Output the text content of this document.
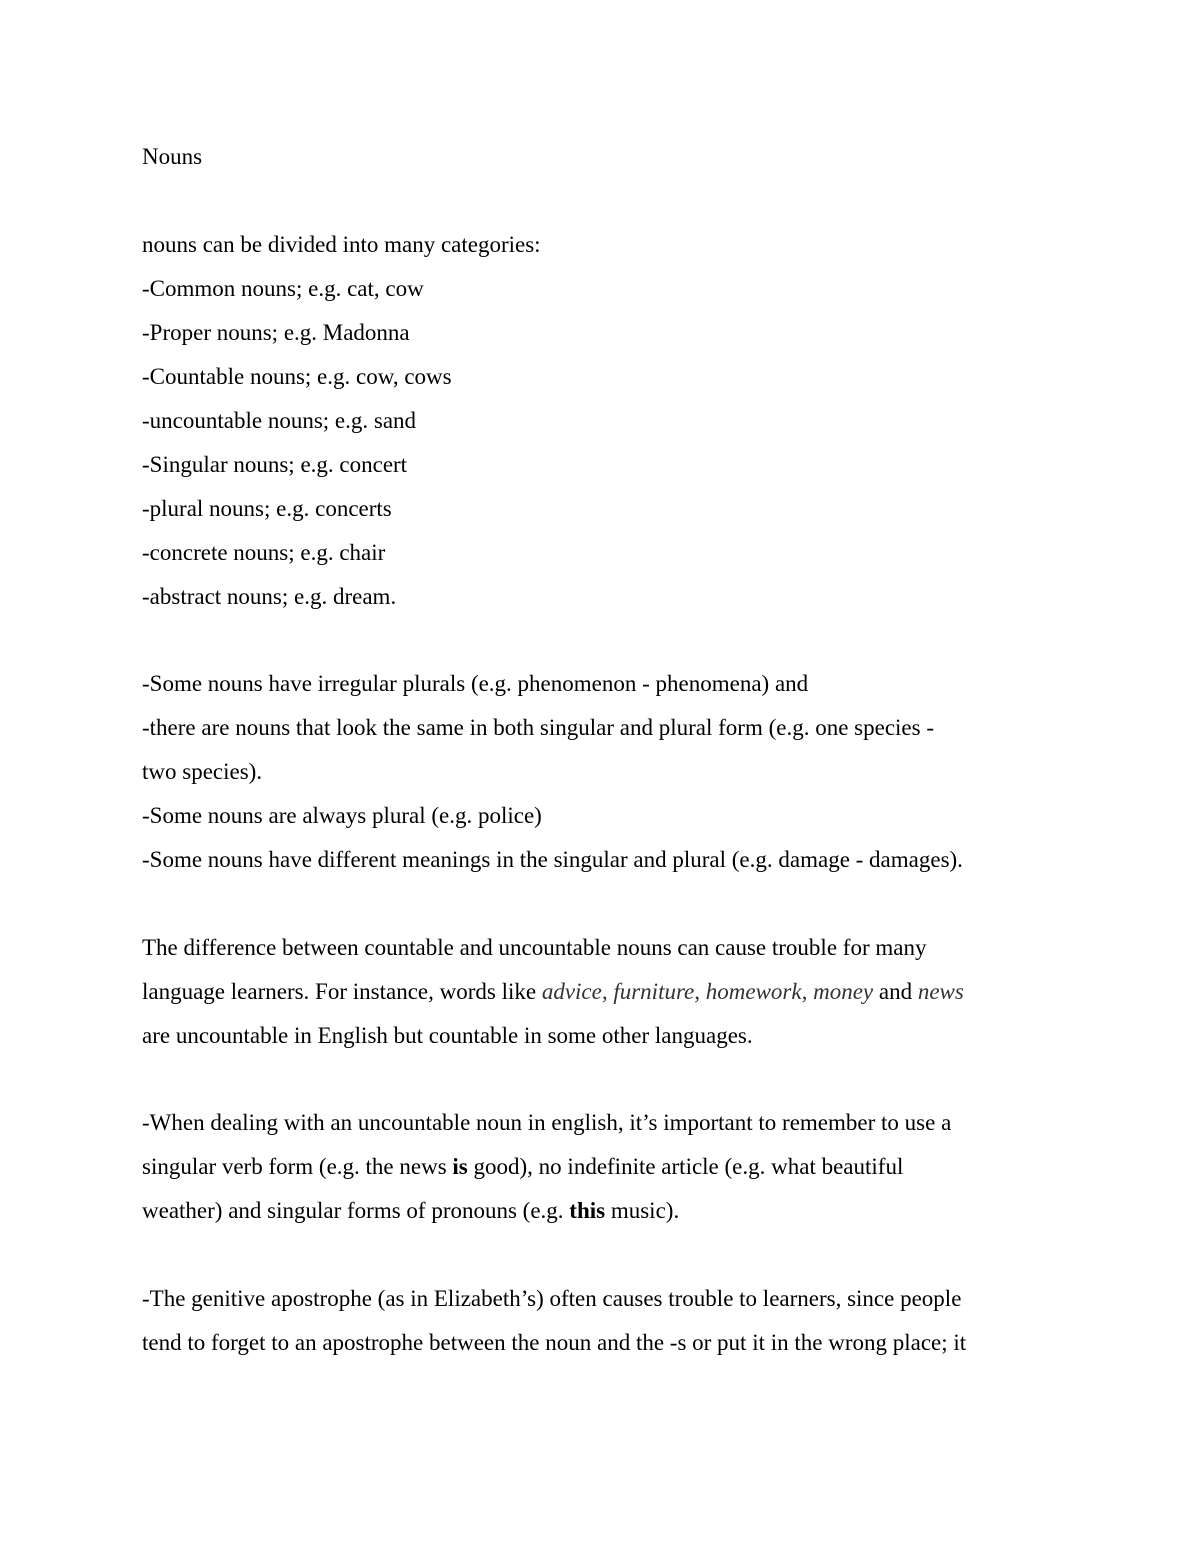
Nouns

nouns can be divided into many categories:

-Common nouns; e.g. cat, cow

-Proper nouns; e.g. Madonna

-Countable nouns; e.g. cow, cows

-uncountable nouns; e.g. sand

-Singular nouns; e.g. concert

-plural nouns; e.g. concerts

-concrete nouns; e.g. chair

-abstract nouns; e.g. dream.

-Some nouns have irregular plurals (e.g. phenomenon - phenomena) and

-there are nouns that look the same in both singular and plural form (e.g. one species -

two species).

-Some nouns are always plural (e.g. police)

-Some nouns have different meanings in the singular and plural (e.g. damage - damages).

The difference between countable and uncountable nouns can cause trouble for many

language learners. For instance, words like advice, furniture, homework, money and news

are uncountable in English but countable in some other languages.

-When dealing with an uncountable noun in english, it’s important to remember to use a

singular verb form (e.g. the news is good), no indefinite article (e.g. what beautiful

weather) and singular forms of pronouns (e.g. this music).

-The genitive apostrophe (as in Elizabeth’s) often causes trouble to learners, since people

tend to forget to an apostrophe between the noun and the -s or put it in the wrong place; it
